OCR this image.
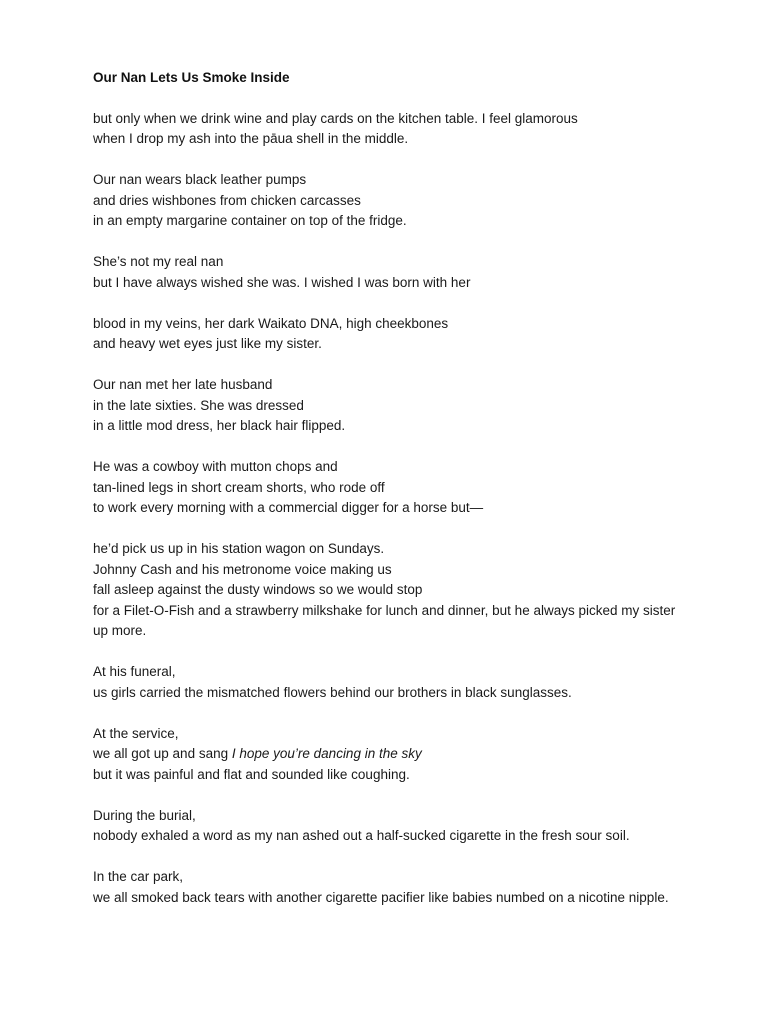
Our Nan Lets Us Smoke Inside
but only when we drink wine and play cards on the kitchen table. I feel glamorous
when I drop my ash into the pāua shell in the middle.
Our nan wears black leather pumps
and dries wishbones from chicken carcasses
in an empty margarine container on top of the fridge.
She’s not my real nan
but I have always wished she was. I wished I was born with her
blood in my veins, her dark Waikato DNA, high cheekbones
and heavy wet eyes just like my sister.
Our nan met her late husband
in the late sixties. She was dressed
in a little mod dress, her black hair flipped.
He was a cowboy with mutton chops and
tan-lined legs in short cream shorts, who rode off
to work every morning with a commercial digger for a horse but—
he’d pick us up in his station wagon on Sundays.
Johnny Cash and his metronome voice making us
fall asleep against the dusty windows so we would stop
for a Filet-O-Fish and a strawberry milkshake for lunch and dinner, but he always picked my sister up more.
At his funeral,
us girls carried the mismatched flowers behind our brothers in black sunglasses.
At the service,
we all got up and sang I hope you’re dancing in the sky
but it was painful and flat and sounded like coughing.
During the burial,
nobody exhaled a word as my nan ashed out a half-sucked cigarette in the fresh sour soil.
In the car park,
we all smoked back tears with another cigarette pacifier like babies numbed on a nicotine nipple.
